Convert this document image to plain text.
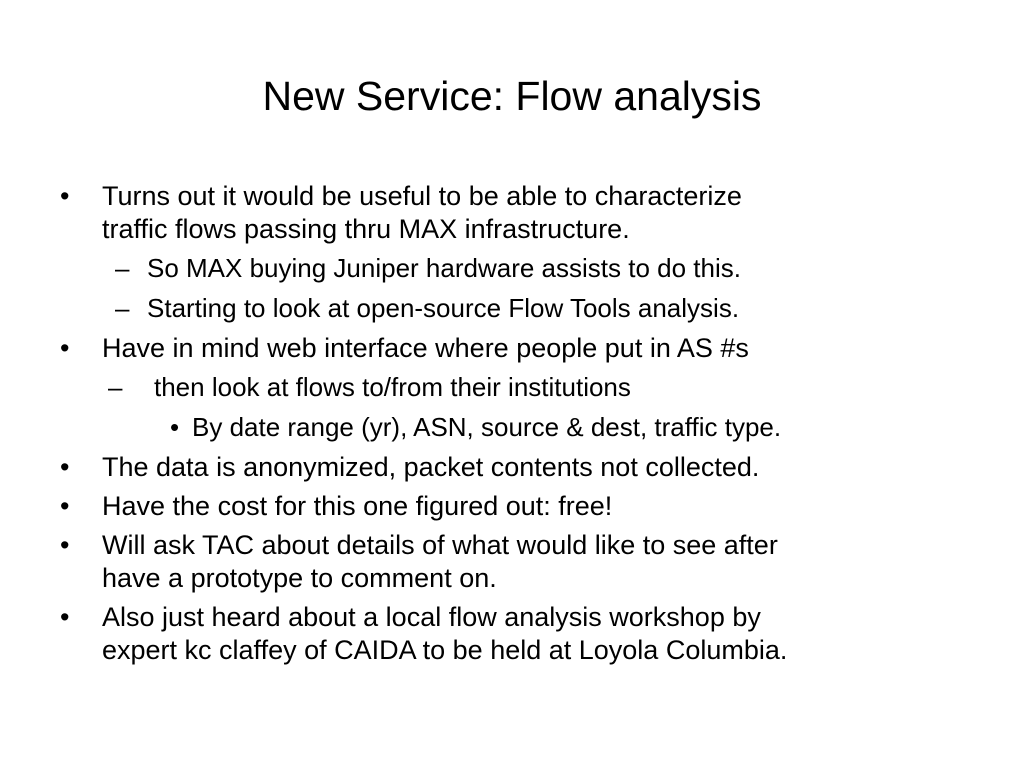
New Service: Flow analysis
• Turns out it would be useful to be able to characterize
traffic flows passing thru MAX infrastructure.
– So MAX buying Juniper hardware assists to do this.
– Starting to look at open-source Flow Tools analysis.
• Have in mind web interface where people put in AS #s
– then look at flows to/from their institutions
• By date range (yr), ASN, source & dest, traffic type.
• The data is anonymized, packet contents not collected.
• Have the cost for this one figured out: free!
• Will ask TAC about details of what would like to see after
have a prototype to comment on.
• Also just heard about a local flow analysis workshop by
expert kc claffey of CAIDA to be held at Loyola Columbia.
